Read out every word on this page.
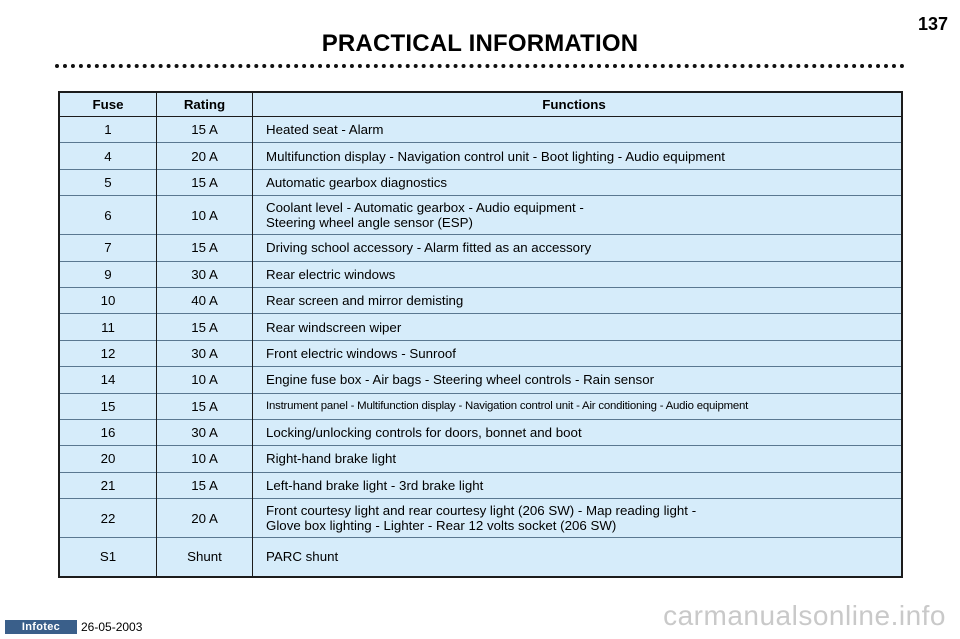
137
PRACTICAL INFORMATION
Fuse	Rating	Functions
1	15 A	Heated seat - Alarm
4	20 A	Multifunction display - Navigation control unit - Boot lighting - Audio equipment
5	15 A	Automatic gearbox diagnostics
6	10 A	Coolant level - Automatic gearbox - Audio equipment -
Steering wheel angle sensor (ESP)

7	15 A	Driving school accessory - Alarm fitted as an accessory
9	30 A	Rear electric windows
10	40 A	Rear screen and mirror demisting
11	15 A	Rear windscreen wiper
12	30 A	Front electric windows - Sunroof
14	10 A	Engine fuse box - Air bags - Steering wheel controls - Rain sensor
15	15 A	Instrument panel - Multifunction display - Navigation control unit - Air conditioning - Audio equipment
16	30 A	Locking/unlocking controls for doors, bonnet and boot
20	10 A	Right-hand brake light
21	15 A	Left-hand brake light - 3rd brake light
22	20 A	Front courtesy light and rear courtesy light (206 SW) - Map reading light -
Glove box lighting - Lighter - Rear 12 volts socket (206 SW)

S1	Shunt	PARC shunt
Infotec	26-05-2003	carmanualsonline.info
